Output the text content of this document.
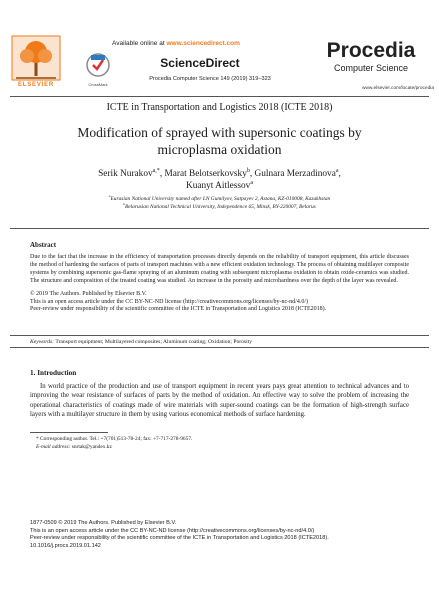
ELSEVIER
Available online at www.sciencedirect.com
CrossMark
ScienceDirect
Procedia Computer Science 149 (2019) 319–323
Procedia
Computer Science
www.elsevier.com/locate/procedia
ICTE in Transportation and Logistics 2018 (ICTE 2018)
Modification of sprayed with supersonic coatings by
microplasma oxidation
Serik Nurakov$^{a,*}$, Marat Belotserkovsky$^b$, Gulnara Merzadinova$^a$,
Kuanyt Aitlessov$^a$
$^a$Eurasian National University named after LN Gumilyov, Satpayev 2, Astana, KZ-010008, Kazakhstan
$^b$Belarusian National Technical University, Independence 65, Minsk, BY-220007, Belarus
Abstract

Due to the fact that the increase in the efficiency of transportation processes directly depends on the reliability of transport equipment, this article discusses the method of hardening the surfaces of parts of transport machines with a new efficient oxidation technology. The process of obtaining multilayer composite systems by combining supersonic gas-flame spraying of an aluminum coating with subsequent microplasma oxidation to obtain oxide-ceramics was studied. The structure and composition of the treated coating was studied. An increase in the porosity and microhardness over the depth of the layer was revealed.

© 2019 The Authors. Published by Elsevier B.V.

This is an open access article under the CC BY-NC-ND license (http://creativecommons.org/licenses/by-nc-nd/4.0/)

Peer-review under responsibility of the scientific committee of the ICTE in Transportation and Logistics 2018 (ICTE2018).

Keywords: Transport equipment; Multilayered composites; Aluminum coating; Oxidation; Porosity
1. Introduction
In world practice of the production and use of transport equipment in recent years pays great attention to technical advances and to improving the wear resistance of surfaces of parts by the method of oxidation. An effective way to solve the problem of increasing the operational characteristics of coatings made of wire materials with super-sound coatings can be the formation of high-strength surface layers with a multilayer structure in them by using various economical methods of surface hardening.
* Corresponding author. Tel.: +7(701)513-78-24; fax: +7-717-278-9657.
E-mail address: snrtak@yandex.kz
1877-0509 © 2019 The Authors. Published by Elsevier B.V.
This is an open access article under the CC BY-NC-ND license (http://creativecommons.org/licenses/by-nc-nd/4.0/)
Peer-review under responsibility of the scientific committee of the ICTE in Transportation and Logistics 2018 (ICTE2018).
10.1016/j.procs.2019.01.142
